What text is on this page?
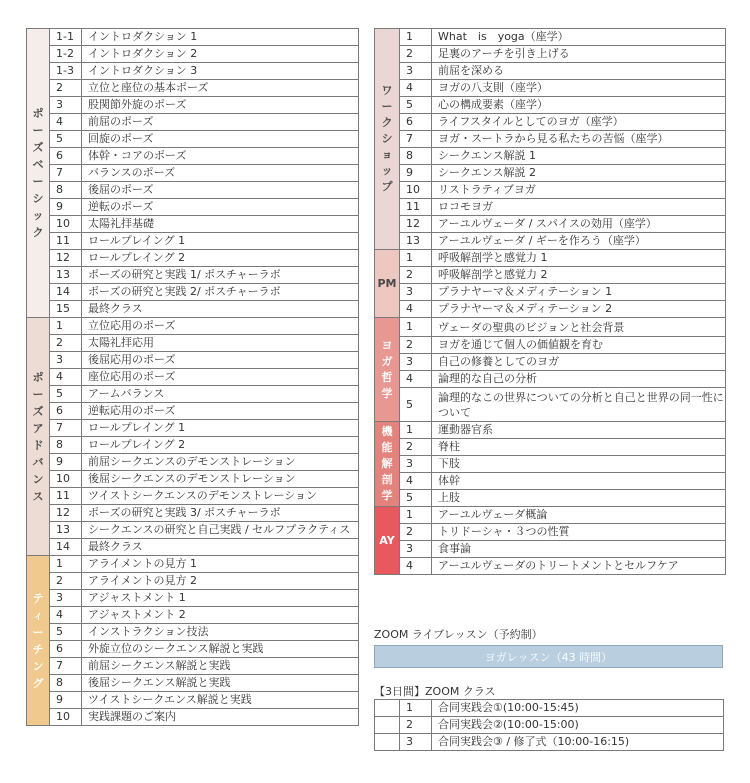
ポーズベーシック	1-1	イントロダクション 1
	1-2	イントロダクション 2
	1-3	イントロダクション 3
	2	立位と座位の基本ポーズ
	3	股関節外旋のポーズ
	4	前屈のポーズ
	5	回旋のポーズ
	6	体幹・コアのポーズ
	7	バランスのポーズ
	8	後屈のポーズ
	9	逆転のポーズ
	10	太陽礼拝基礎
	11	ロールプレイング 1
	12	ロールプレイング 2
	13	ポーズの研究と実践 1/ ポスチャーラボ
	14	ポーズの研究と実践 2/ ポスチャーラボ
	15	最終クラス

ポーズアドバンス	1	立位応用のポーズ
	2	太陽礼拝応用
	3	後屈応用のポーズ
	4	座位応用のポーズ
	5	アームバランス
	6	逆転応用のポーズ
	7	ロールプレイング 1
	8	ロールプレイング 2
	9	前屈シークエンスのデモンストレーション
	10	後屈シークエンスのデモンストレーション
	11	ツイストシークエンスのデモンストレーション
	12	ポーズの研究と実践 3/ ポスチャーラボ
	13	シークエンスの研究と自己実践 / セルフプラクティス
	14	最終クラス

ティーチング	1	アライメントの見方 1
	2	アライメントの見方 2
	3	アジャストメント 1
	4	アジャストメント 2
	5	インストラクション技法
	6	外旋立位のシークエンス解説と実践
	7	前屈シークエンス解説と実践
	8	後屈シークエンス解説と実践
	9	ツイストシークエンス解説と実践
	10	実践課題のご案内
ワークショップ	1	What　is　yoga（座学）
	2	足裏のアーチを引き上げる
	3	前屈を深める
	4	ヨガの八支則（座学）
	5	心の構成要素（座学）
	6	ライフスタイルとしてのヨガ（座学）
	7	ヨガ・スートラから見る私たちの苦悩（座学）
	8	シークエンス解説 1
	9	シークエンス解説 2
	10	リストラティブヨガ
	11	ロコモヨガ
	12	アーユルヴェーダ / スパイスの効用（座学）
	13	アーユルヴェーダ / ギーを作ろう（座学）

PM	1	呼吸解剖学と感覚力 1
	2	呼吸解剖学と感覚力 2
	3	プラナヤーマ＆メディテーション 1
	4	プラナヤーマ＆メディテーション 2

ヨガ哲学	1	ヴェーダの聖典のビジョンと社会背景
	2	ヨガを通じて個人の価値観を育む
	3	自己の修養としてのヨガ
	4	論理的な自己の分析
	5	論理的なこの世界についての分析と自己と世界の同一性について

機能解剖学	1	運動器官系
	2	脊柱
	3	下肢
	4	体幹
	5	上肢

AY	1	アーユルヴェーダ概論
	2	トリドーシャ・３つの性質
	3	食事論
	4	アーユルヴェーダのトリートメントとセルフケア
ZOOM ライブレッスン（予約制）
ヨガレッスン（43 時間）
【3日間】ZOOM クラス
	1	合同実践会①(10:00-15:45)
	2	合同実践会②(10:00-15:00)
	3	合同実践会③ / 修了式（10:00-16:15)
